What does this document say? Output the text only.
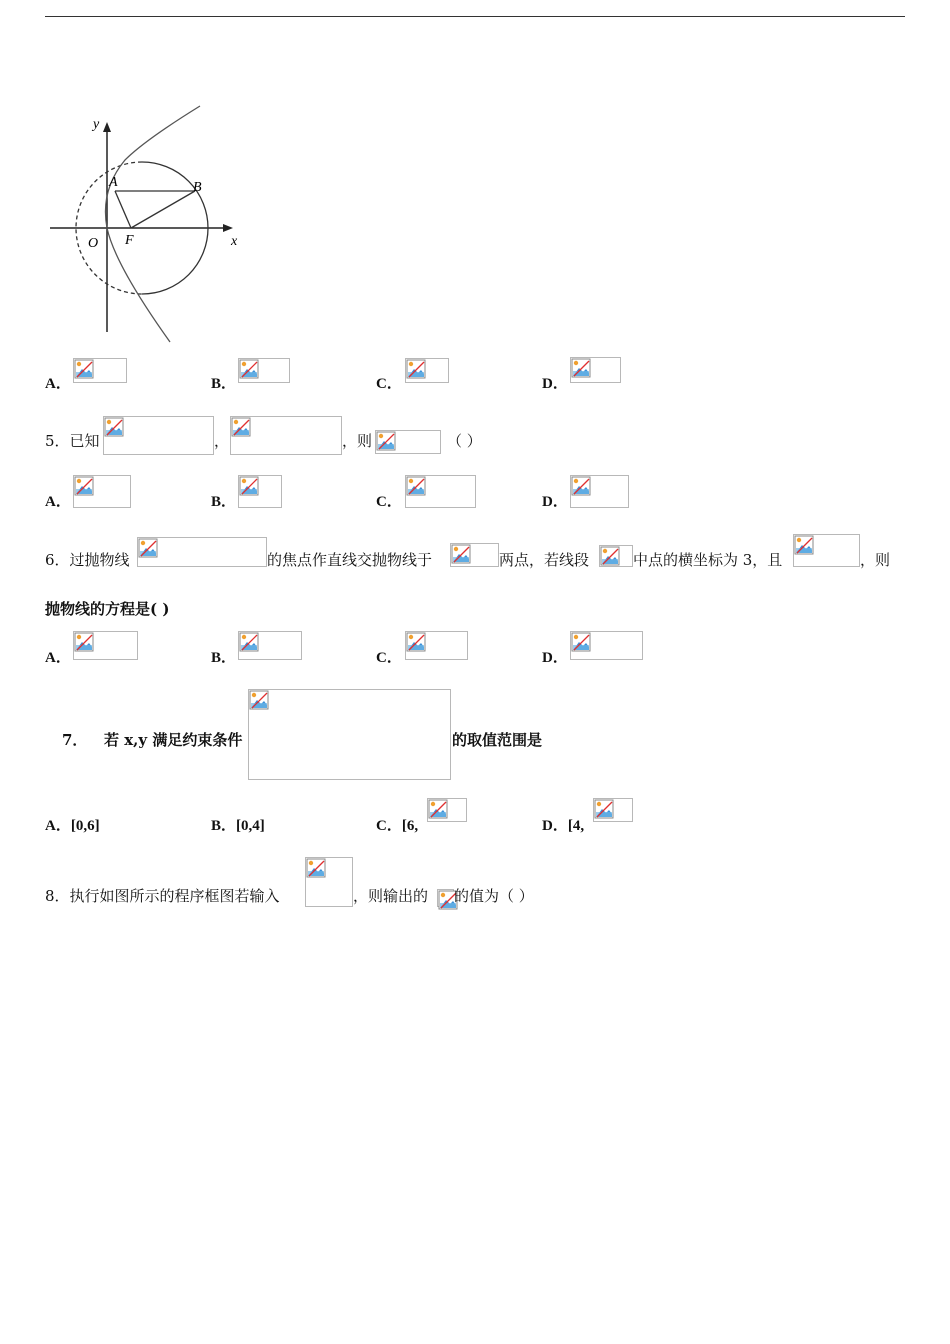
y
x
O F
A	B
A．	B．	C．	D．
5．已知	，	，则	（ ）
A．	B．	C．	D．
6．过抛物线	的焦点作直线交抛物线于	两点，若线段	中点的横坐标为 3，且	，则
抛物线的方程是( )
A．	B．	C．	D．
7． 若 x,y 满足约束条件	的取值范围是
A．[0,6]	B．[0,4]	C．[6,	D．[4,
8．执行如图所示的程序框图若输入	，则输出的 的值为（ ）
